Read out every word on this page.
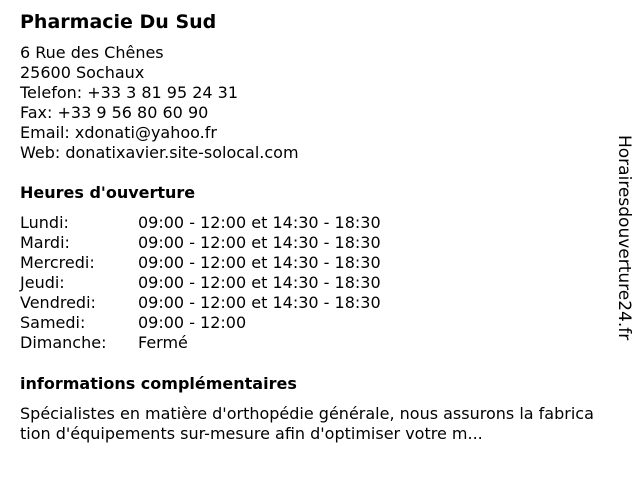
Pharmacie Du Sud
6 Rue des Chênes
25600 Sochaux
Telefon: +33 3 81 95 24 31
Fax: +33 9 56 80 60 90
Email: xdonati@yahoo.fr
Web: donatixavier.site-solocal.com
Heures d'ouverture
Lundi:	09:00 - 12:00 et 14:30 - 18:30
Mardi:	09:00 - 12:00 et 14:30 - 18:30
Mercredi:	09:00 - 12:00 et 14:30 - 18:30
Jeudi:	09:00 - 12:00 et 14:30 - 18:30
Vendredi:	09:00 - 12:00 et 14:30 - 18:30
Samedi:	09:00 - 12:00
Dimanche:	Fermé
informations complémentaires
Spécialistes en matière d'orthopédie générale, nous assurons la fabrication d'équipements sur-mesure afin d'optimiser votre m...
Horairesdouverture24.fr
